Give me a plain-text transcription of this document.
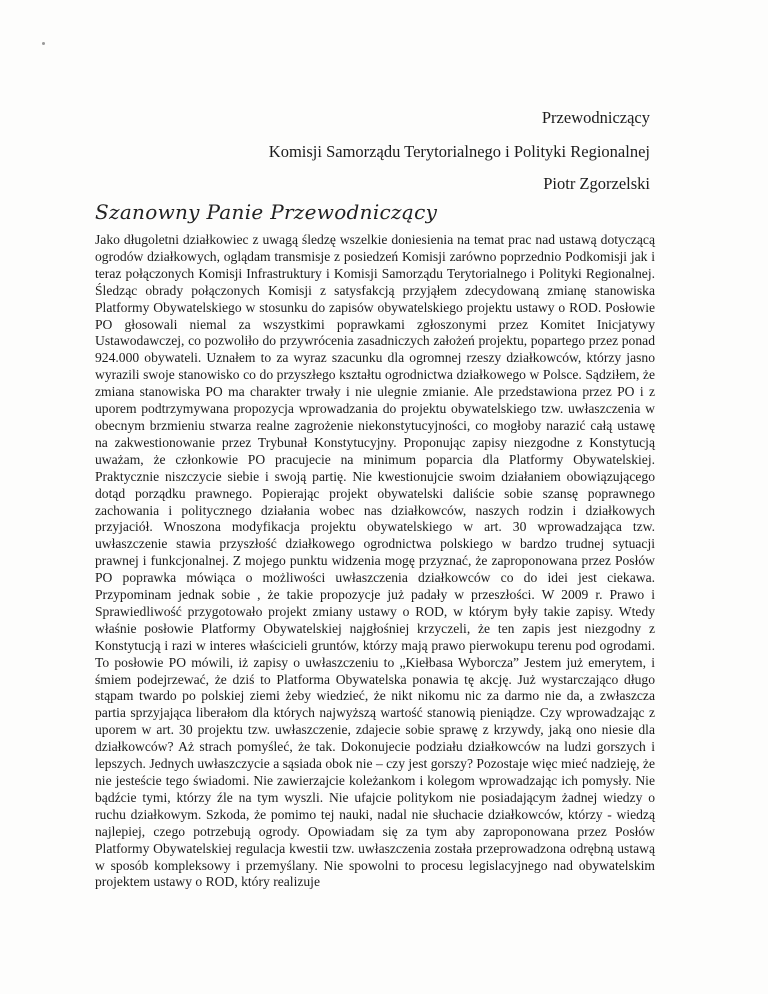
Przewodniczący
Komisji Samorządu Terytorialnego i Polityki Regionalnej
Piotr Zgorzelski
Szanowny Panie Przewodniczący

Jako długoletni działkowiec z uwagą śledzę wszelkie doniesienia na temat prac nad ustawą dotyczącą ogrodów działkowych, oglądam transmisje z posiedzeń Komisji zarówno poprzednio Podkomisji jak i teraz połączonych Komisji Infrastruktury i Komisji Samorządu Terytorialnego i Polityki Regionalnej. Śledząc obrady połączonych Komisji z satysfakcją przyjąłem zdecydowaną zmianę stanowiska Platformy Obywatelskiego w stosunku do zapisów obywatelskiego projektu ustawy o ROD. Posłowie PO głosowali niemal za wszystkimi poprawkami zgłoszonymi przez Komitet Inicjatywy Ustawodawczej, co pozwoliło do przywrócenia zasadniczych założeń projektu, popartego przez ponad 924.000 obywateli. Uznałem to za wyraz szacunku dla ogromnej rzeszy działkowców, którzy jasno wyrazili swoje stanowisko co do przyszłego kształtu ogrodnictwa działkowego w Polsce. Sądziłem, że zmiana stanowiska PO ma charakter trwały i nie ulegnie zmianie. Ale przedstawiona przez PO i z uporem podtrzymywana propozycja wprowadzania do projektu obywatelskiego tzw. uwłaszczenia w obecnym brzmieniu stwarza realne zagrożenie niekonstytucyjności, co mogłoby narazić całą ustawę na zakwestionowanie przez Trybunał Konstytucyjny. Proponując zapisy niezgodne z Konstytucją uważam, że członkowie PO pracujecie na minimum poparcia dla Platformy Obywatelskiej. Praktycznie niszczycie siebie i swoją partię. Nie kwestionujcie swoim działaniem obowiązującego dotąd porządku prawnego. Popierając projekt obywatelski daliście sobie szansę poprawnego zachowania i politycznego działania wobec nas działkowców, naszych rodzin i działkowych przyjaciół. Wnoszona modyfikacja projektu obywatelskiego w art. 30 wprowadzająca tzw. uwłaszczenie stawia przyszłość działkowego ogrodnictwa polskiego w bardzo trudnej sytuacji prawnej i funkcjonalnej. Z mojego punktu widzenia mogę przyznać, że zaproponowana przez Posłów PO poprawka mówiąca o możliwości uwłaszczenia działkowców co do idei jest ciekawa. Przypominam jednak sobie , że takie propozycje już padały w przeszłości. W 2009 r. Prawo i Sprawiedliwość przygotowało projekt zmiany ustawy o ROD, w którym były takie zapisy. Wtedy właśnie posłowie Platformy Obywatelskiej najgłośniej krzyczeli, że ten zapis jest niezgodny z Konstytucją i razi w interes właścicieli gruntów, którzy mają prawo pierwokupu terenu pod ogrodami. To posłowie PO mówili, iż zapisy o uwłaszczeniu to „Kiełbasa Wyborcza” Jestem już emerytem, i śmiem podejrzewać, że dziś to Platforma Obywatelska ponawia tę akcję. Już wystarczająco długo stąpam twardo po polskiej ziemi żeby wiedzieć, że nikt nikomu nic za darmo nie da, a zwłaszcza partia sprzyjająca liberałom dla których najwyższą wartość stanowią pieniądze. Czy wprowadzając z uporem w art. 30 projektu tzw. uwłaszczenie, zdajecie sobie sprawę z krzywdy, jaką ono niesie dla działkowców? Aż strach pomyśleć, że tak. Dokonujecie podziału działkowców na ludzi gorszych i lepszych. Jednych uwłaszczycie a sąsiada obok nie – czy jest gorszy? Pozostaje więc mieć nadzieję, że nie jesteście tego świadomi. Nie zawierzajcie koleżankom i kolegom wprowadzając ich pomysły. Nie bądźcie tymi, którzy źle na tym wyszli. Nie ufajcie politykom nie posiadającym żadnej wiedzy o ruchu działkowym. Szkoda, że pomimo tej nauki, nadal nie słuchacie działkowców, którzy - wiedzą najlepiej, czego potrzebują ogrody. Opowiadam się za tym aby zaproponowana przez Posłów Platformy Obywatelskiej regulacja kwestii tzw. uwłaszczenia została przeprowadzona odrębną ustawą w sposób kompleksowy i przemyślany. Nie spowolni to procesu legislacyjnego nad obywatelskim projektem ustawy o ROD, który realizuje
